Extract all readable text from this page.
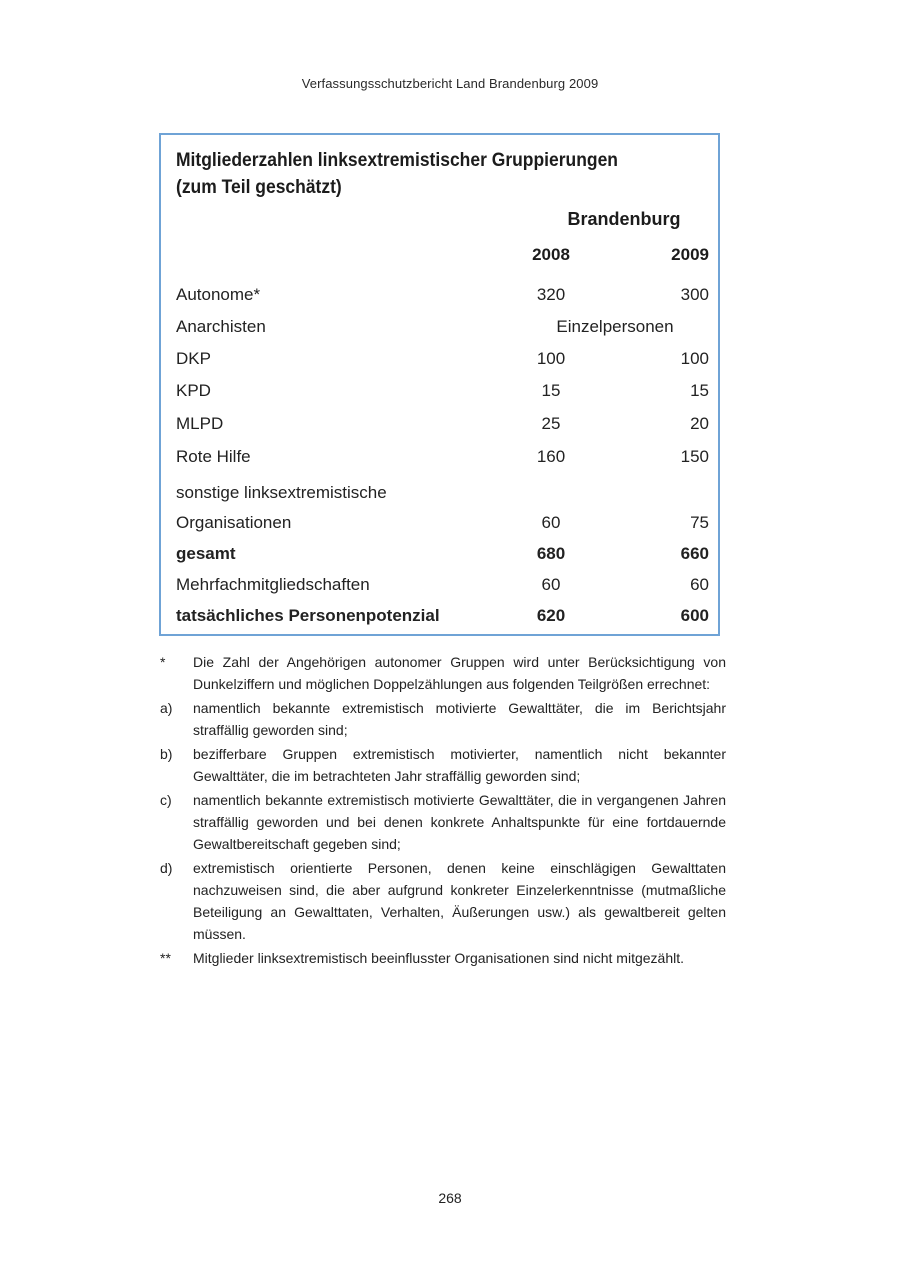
Verfassungsschutzbericht Land Brandenburg 2009
Mitgliederzahlen linksextremistischer Gruppierungen
(zum Teil geschätzt)
Brandenburg
2008	2009
Autonome*	320	300
Anarchisten	Einzelpersonen
DKP	100	100
KPD	15	15
MLPD	25	20
Rote Hilfe	160	150
sonstige linksextremistische
Organisationen	60	75
gesamt	680	660
Mehrfachmitgliedschaften	60	60
tatsächliches Personenpotenzial	620	600
* Die Zahl der Angehörigen autonomer Gruppen wird unter Berücksichtigung von Dunkelziffern und möglichen Doppelzählungen aus folgenden Teilgrößen errechnet:
a) namentlich bekannte extremistisch motivierte Gewalttäter, die im Berichtsjahr straffällig geworden sind;
b) bezifferbare Gruppen extremistisch motivierter, namentlich nicht bekannter Gewalttäter, die im betrachteten Jahr straffällig geworden sind;
c) namentlich bekannte extremistisch motivierte Gewalttäter, die in vergangenen Jahren straffällig geworden und bei denen konkrete Anhaltspunkte für eine fortdauernde Gewaltbereitschaft gegeben sind;
d) extremistisch orientierte Personen, denen keine einschlägigen Gewalttaten nachzuweisen sind, die aber aufgrund konkreter Einzelerkenntnisse (mutmaßliche Beteiligung an Gewalttaten, Verhalten, Äußerungen usw.) als gewaltbereit gelten müssen.
** Mitglieder linksextremistisch beeinflusster Organisationen sind nicht mitgezählt.
268
